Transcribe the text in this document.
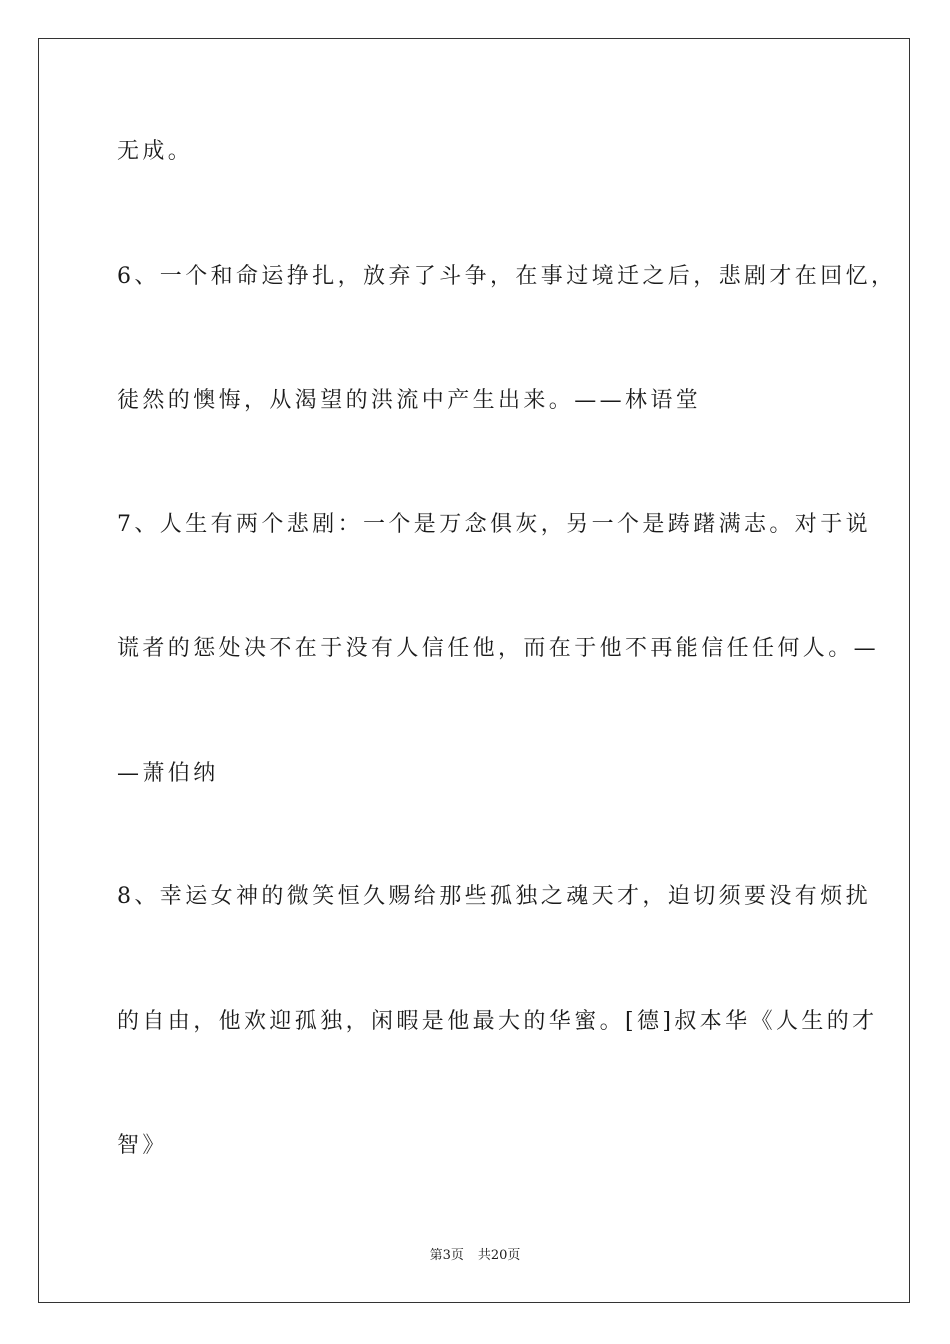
无成。
6、一个和命运挣扎，放弃了斗争，在事过境迁之后，悲剧才在回忆，
徒然的懊悔，从渴望的洪流中产生出来。——林语堂
7、人生有两个悲剧：一个是万念俱灰，另一个是踌躇满志。对于说
谎者的惩处决不在于没有人信任他，而在于他不再能信任任何人。—
—萧伯纳
8、幸运女神的微笑恒久赐给那些孤独之魂天才，迫切须要没有烦扰
的自由，他欢迎孤独，闲暇是他最大的华蜜。[德]叔本华《人生的才
智》
第3页 共20页
